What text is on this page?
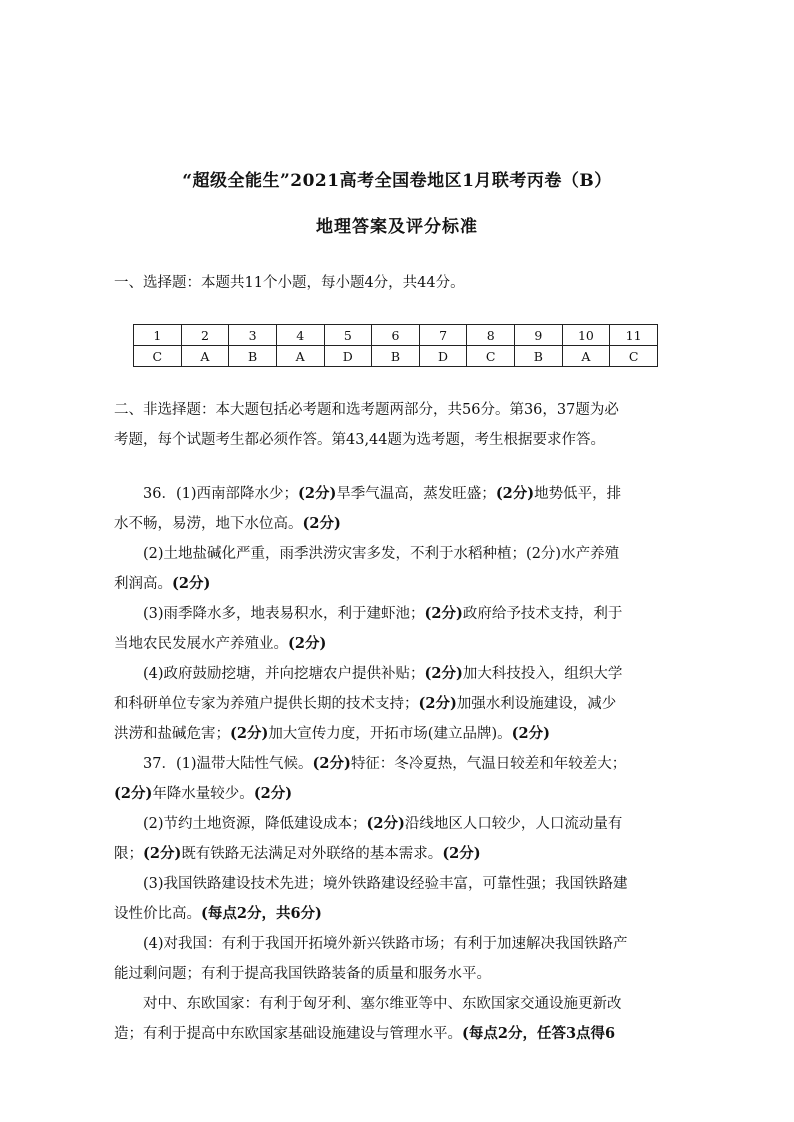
“超级全能生”2021高考全国卷地区1月联考丙卷（B）
地理答案及评分标准
一、选择题：本题共11个小题，每小题4分，共44分。
1	2	3	4	5	6	7	8	9	10	11
C	A	B	A	D	B	D	C	B	A	C
二、非选择题：本大题包括必考题和选考题两部分，共56分。第36，37题为必
考题，每个试题考生都必须作答。第43,44题为选考题，考生根据要求作答。
36．(1)西南部降水少；(2分)旱季气温高，蒸发旺盛；(2分)地势低平，排
水不畅，易涝，地下水位高。(2分)
(2)土地盐碱化严重，雨季洪涝灾害多发，不利于水稻种植；(2分)水产养殖
利润高。(2分)
(3)雨季降水多，地表易积水，利于建虾池；(2分)政府给予技术支持，利于
当地农民发展水产养殖业。(2分)
(4)政府鼓励挖塘，并向挖塘农户提供补贴；(2分)加大科技投入，组织大学
和科研单位专家为养殖户提供长期的技术支持；(2分)加强水利设施建设，减少
洪涝和盐碱危害；(2分)加大宣传力度，开拓市场(建立品牌)。(2分)
37．(1)温带大陆性气候。(2分)特征：冬冷夏热，气温日较差和年较差大；
(2分)年降水量较少。(2分)
(2)节约土地资源，降低建设成本；(2分)沿线地区人口较少，人口流动量有
限；(2分)既有铁路无法满足对外联络的基本需求。(2分)
(3)我国铁路建设技术先进；境外铁路建设经验丰富，可靠性强；我国铁路建
设性价比高。(每点2分，共6分)
(4)对我国：有利于我国开拓境外新兴铁路市场；有利于加速解决我国铁路产
能过剩问题；有利于提高我国铁路装备的质量和服务水平。
对中、东欧国家：有利于匈牙利、塞尔维亚等中、东欧国家交通设施更新改
造；有利于提高中东欧国家基础设施建设与管理水平。(每点2分，任答3点得6
